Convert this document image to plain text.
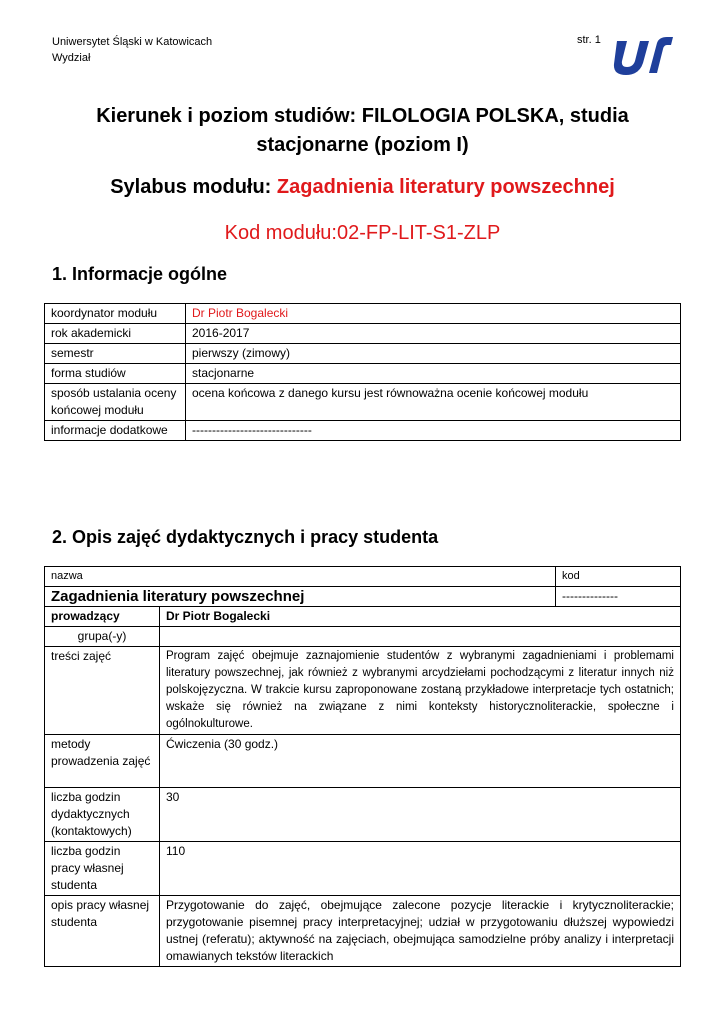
Uniwersytet Śląski w Katowicach
Wydział
str. 1
Kierunek i poziom studiów: FILOLOGIA POLSKA, studia stacjonarne (poziom I)
Sylabus modułu: Zagadnienia literatury powszechnej
Kod modułu:02-FP-LIT-S1-ZLP
1. Informacje ogólne
koordynator modułu	Dr Piotr Bogalecki
rok akademicki	2016-2017
semestr	pierwszy (zimowy)
forma studiów	stacjonarne
sposób ustalania oceny końcowej modułu	ocena końcowa z danego kursu jest równoważna ocenie końcowej modułu
informacje dodatkowe	------------------------------
2. Opis zajęć dydaktycznych i pracy studenta
nazwa		kod
Zagadnienia literatury powszechnej		--------------
prowadzący	Dr Piotr Bogalecki	
grupa(-y)		
treści zajęć	Program zajęć obejmuje zaznajomienie studentów z wybranymi zagadnieniami i problemami literatury powszechnej, jak również z wybranymi arcydziełami pochodzącymi z literatur innych niż polskojęzyczna. W trakcie kursu zaproponowane zostaną przykładowe interpretacje tych ostatnich; wskaże się również na związane z nimi konteksty historycznoliterackie, społeczne i ogólnokulturowe.	
metody prowadzenia zajęć	Ćwiczenia (30 godz.)	
liczba godzin dydaktycznych (kontaktowych)	30	
liczba godzin pracy własnej studenta	110	
opis pracy własnej studenta	Przygotowanie do zajęć, obejmujące zalecone pozycje literackie i krytycznoliterackie; przygotowanie pisemnej pracy interpretacyjnej; udział w przygotowaniu dłuższej wypowiedzi ustnej (referatu); aktywność na zajęciach, obejmująca samodzielne próby analizy i interpretacji omawianych tekstów literackich	
